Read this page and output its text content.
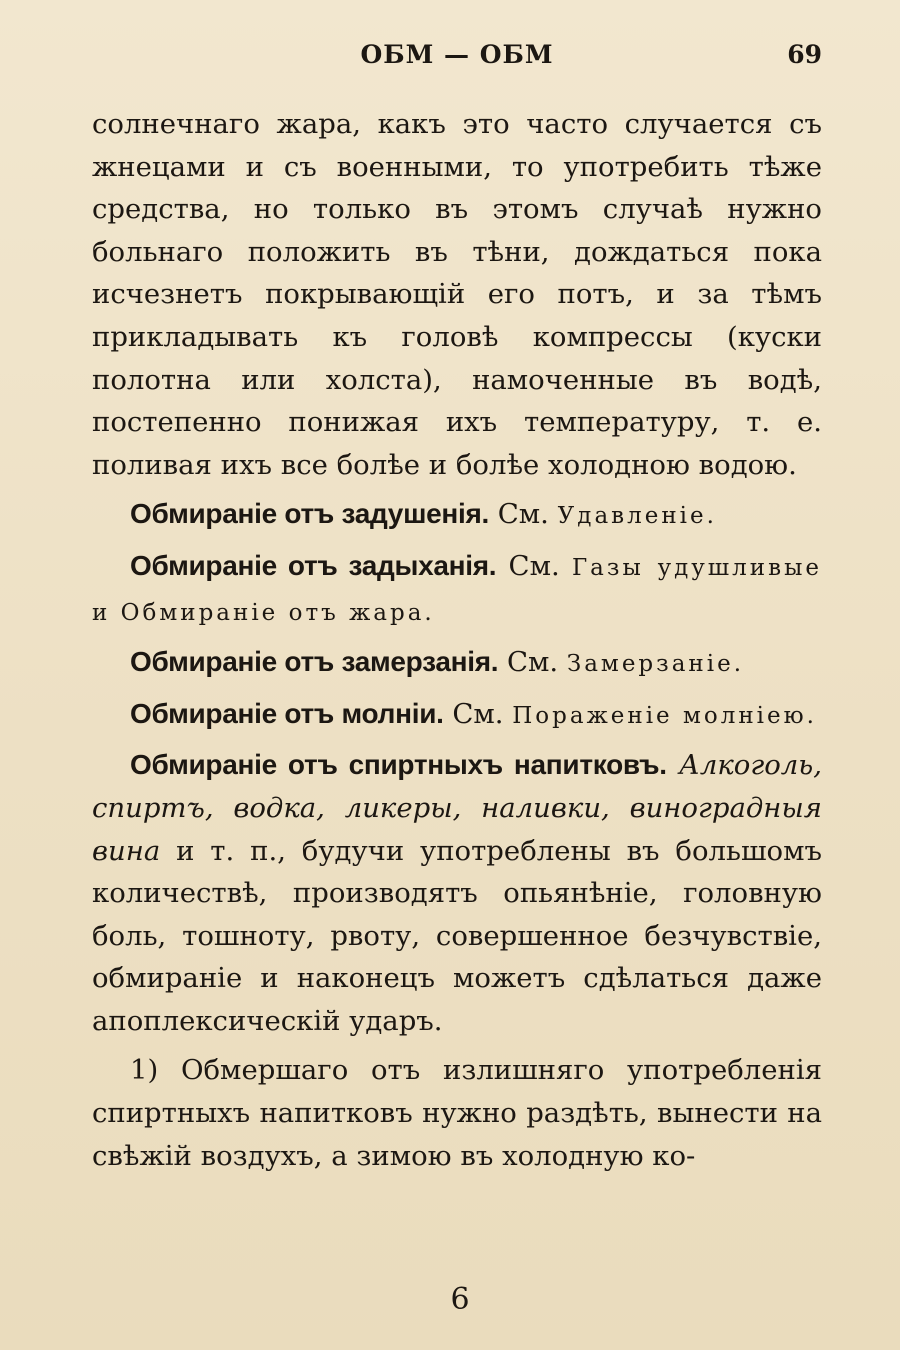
ОБМ — ОБМ	69

солнечнаго жара, какъ это часто случается съ жнецами и съ военными, то употребить тѣже средства, но только въ этомъ случаѣ нужно больнаго положить въ тѣни, дождаться пока исчезнетъ покрывающій его потъ, и за тѣмъ прикладывать къ головѣ компрессы (куски полотна или холста), намоченные въ водѣ, постепенно понижая ихъ температуру, т. е. поливая ихъ все болѣе и болѣе холодною водою.

Обмираніе отъ задушенія. См. Удавленіе.

Обмираніе отъ задыханія. См. Газы удушливые и Обмираніе отъ жара.

Обмираніе отъ замерзанія. См. Замерзаніе.

Обмираніе отъ молніи. См. Пораженіе молніею.

Обмираніе отъ спиртныхъ напитковъ. Алкоголь, спиртъ, водка, ликеры, наливки, виноградныя вина и т. п., будучи употреблены въ большомъ количествѣ, производятъ опьянѣніе, головную боль, тошноту, рвоту, совершенное безчувствіе, обмираніе и наконецъ можетъ сдѣлаться даже апоплексическій ударъ.

1) Обмершаго отъ излишняго употребленія спиртныхъ напитковъ нужно раздѣть, вынести на свѣжій воздухъ, а зимою въ холодную ко-

6
